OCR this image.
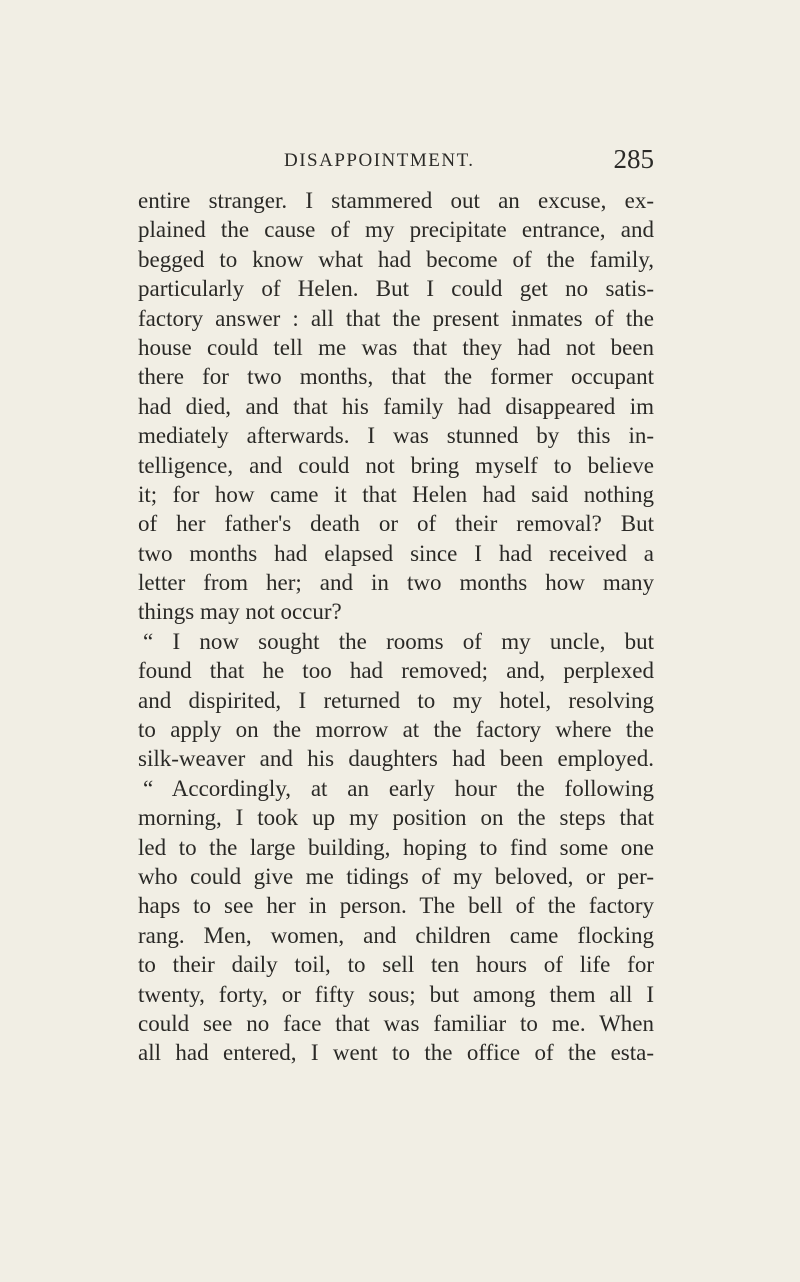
DISAPPOINTMENT.	285
entire stranger. I stammered out an excuse, ex-
plained the cause of my precipitate entrance, and
begged to know what had become of the family,
particularly of Helen. But I could get no satis-
factory answer : all that the present inmates of the
house could tell me was that they had not been
there for two months, that the former occupant
had died, and that his family had disappeared im
mediately afterwards. I was stunned by this in-
telligence, and could not bring myself to believe
it; for how came it that Helen had said nothing
of her father's death or of their removal? But
two months had elapsed since I had received a
letter from her; and in two months how many
things may not occur?
“ I now sought the rooms of my uncle, but
found that he too had removed; and, perplexed
and dispirited, I returned to my hotel, resolving
to apply on the morrow at the factory where the
silk-weaver and his daughters had been employed.
“ Accordingly, at an early hour the following
morning, I took up my position on the steps that
led to the large building, hoping to find some one
who could give me tidings of my beloved, or per-
haps to see her in person. The bell of the factory
rang. Men, women, and children came flocking
to their daily toil, to sell ten hours of life for
twenty, forty, or fifty sous; but among them all I
could see no face that was familiar to me. When
all had entered, I went to the office of the esta-
